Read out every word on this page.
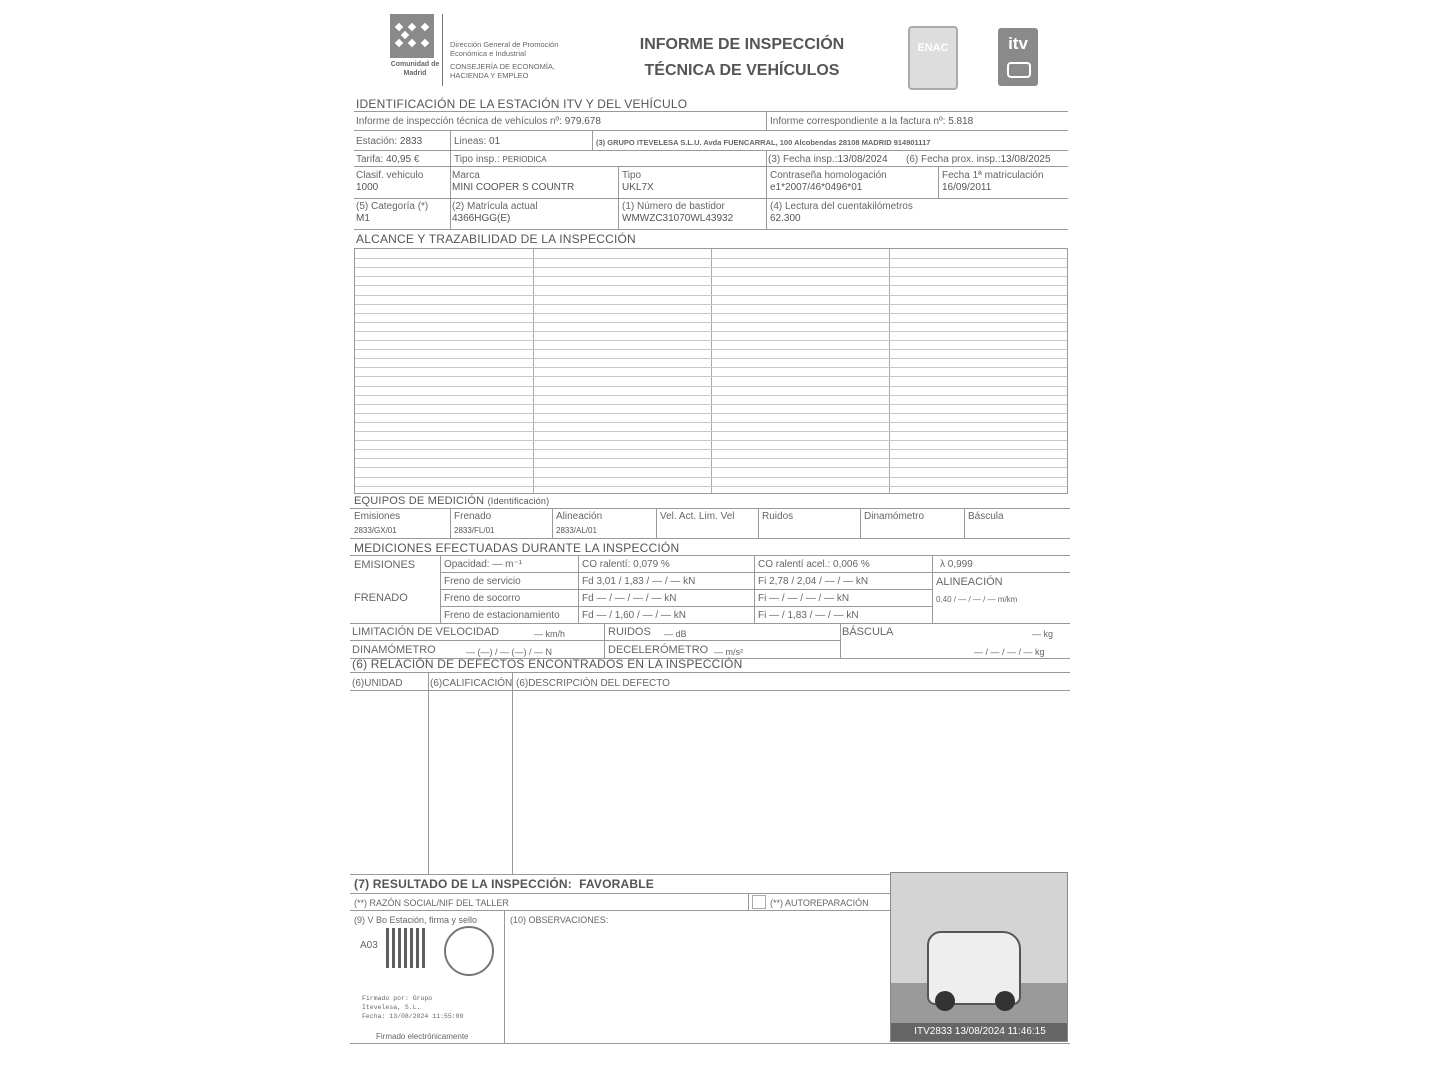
Comunidad de Madrid
Dirección General de Promoción Económica e Industrial
CONSEJERÍA DE ECONOMÍA, HACIENDA Y EMPLEO
INFORME DE INSPECCIÓN
TÉCNICA DE VEHÍCULOS
ENAC	itv
IDENTIFICACIÓN DE LA ESTACIÓN ITV Y DEL VEHÍCULO
Informe de inspección técnica de vehículos nº: 979.678	Informe correspondiente a la factura nº: 5.818
Estación: 2833	Lineas: 01	(3) GRUPO ITEVELESA S.L.U. Avda FUENCARRAL, 100 Alcobendas 28108 MADRID 914901117
Tarifa: 40,95 €	Tipo insp.: PERIODICA	(3) Fecha insp.:13/08/2024 (6) Fecha prox. insp.:13/08/2025
Clasif. vehiculo
1000
Marca
MINI COOPER S COUNTR
Tipo
UKL7X
Contraseña homologación
e1*2007/46*0496*01
Fecha 1ª matriculación
16/09/2011
(5) Categoría (*)
M1
(2) Matrícula actual
4366HGG(E)
(1) Número de bastidor
WMWZC31070WL43932
(4) Lectura del cuentakilómetros
62.300
ALCANCE Y TRAZABILIDAD DE LA INSPECCIÓN
EQUIPOS DE MEDICIÓN (Identificación)
Emisiones
2833/GX/01
Frenado
2833/FL/01
Alineación
2833/AL/01
Vel. Act. Lim. Vel	Ruidos	Dinamómetro	Báscula
MEDICIONES EFECTUADAS DURANTE LA INSPECCIÓN
EMISIONES	Opacidad: — m⁻¹	CO ralentí: 0,079 %	CO ralentí acel.: 0,006 %	λ 0,999
FRENADO
Freno de servicio	Fd 3,01 / 1,83 / — / — kN	Fi 2,78 / 2,04 / — / — kN
Freno de socorro	Fd — / — / — / — kN	Fi — / — / — / — kN
Freno de estacionamiento Fd — / 1,60 / — / — kN	Fi — / 1,83 / — / — kN
ALINEACIÓN
0,40 / — / — / — m/km
LIMITACIÓN DE VELOCIDAD	— km/h	RUIDOS — dB	BÁSCULA	— kg
DINAMÓMETRO	— (—) / — (—) / — N	DECELERÓMETRO — m/s²	— / — / — / — kg
(6) RELACIÓN DE DEFECTOS ENCONTRADOS EN LA INSPECCIÓN
(6)UNIDAD	(6)CALIFICACIÓN (6)DESCRIPCIÓN DEL DEFECTO
(7) RESULTADO DE LA INSPECCIÓN: FAVORABLE
(**) RAZÓN SOCIAL/NIF DEL TALLER	(**) AUTOREPARACIÓN
(9) V Bo Estación, firma y sello	(10) OBSERVACIONES:
A03
Firmado por: Grupo
Itevelesa, S.L.
Fecha: 13/08/2024 11:55:09
Firmado electrónicamente	ITV2833 13/08/2024 11:46:15
